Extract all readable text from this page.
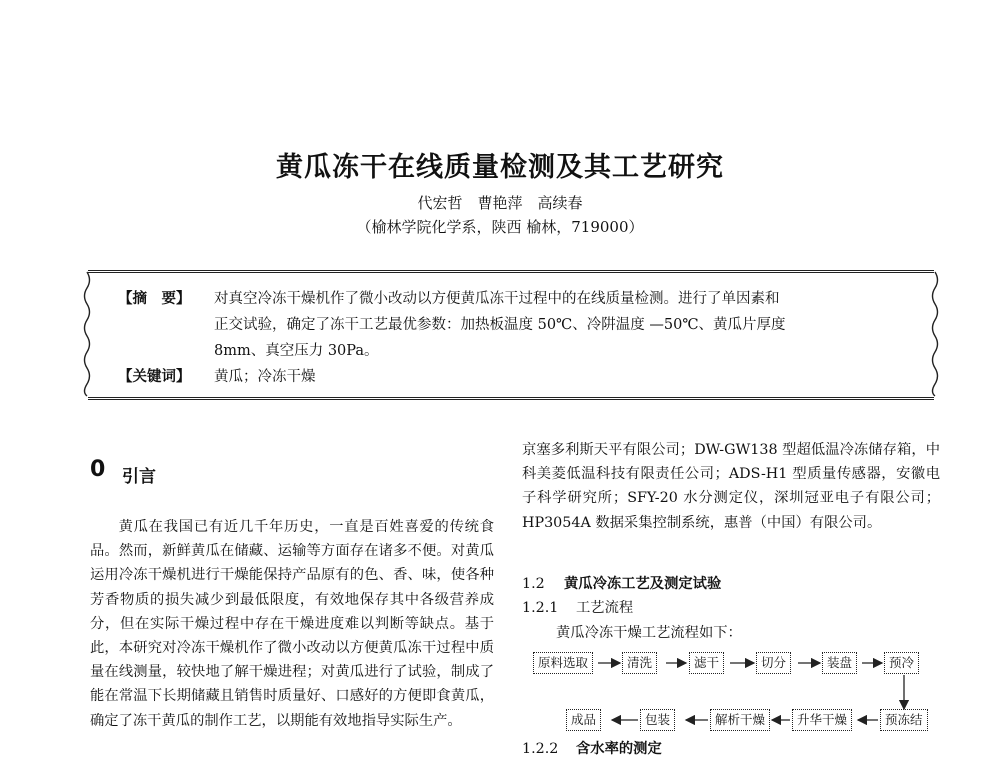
黄瓜冻干在线质量检测及其工艺研究
代宏哲　曹艳萍　高续春
（榆林学院化学系，陕西 榆林，719000）
【摘　要】 对真空冷冻干燥机作了微小改动以方便黄瓜冻干过程中的在线质量检测。进行了单因素和
正交试验，确定了冻干工艺最优参数：加热板温度 50℃、冷阱温度 —50℃、黄瓜片厚度
8mm、真空压力 30Pa。
【关键词】 黄瓜；冷冻干燥
0 引言
黄瓜在我国已有近几千年历史，一直是百姓喜爱的传统食品。然而，新鲜黄瓜在储藏、运输等方面存在诸多不便。对黄瓜运用冷冻干燥机进行干燥能保持产品原有的色、香、味，使各种芳香物质的损失减少到最低限度，有效地保存其中各级营养成分，但在实际干燥过程中存在干燥进度难以判断等缺点。基于此，本研究对冷冻干燥机作了微小改动以方便黄瓜冻干过程中质量在线测量，较快地了解干燥进程；对黄瓜进行了试验，制成了能在常温下长期储藏且销售时质量好、口感好的方便即食黄瓜，确定了冻干黄瓜的制作工艺，以期能有效地指导实际生产。
京塞多利斯天平有限公司；DW-GW138 型超低温冷冻储存箱，中科美菱低温科技有限责任公司；ADS-H1 型质量传感器，安徽电子科学研究所；SFY-20 水分测定仪，深圳冠亚电子有限公司；HP3054A 数据采集控制系统，惠普（中国）有限公司。
1.2 黄瓜冷冻工艺及测定试验
1.2.1 工艺流程
黄瓜冷冻干燥工艺流程如下：
原料选取	清洗	滤干	切分	装盘	预冷
成品	包装	解析干燥	升华干燥	预冻结
1.2.2 含水率的测定
